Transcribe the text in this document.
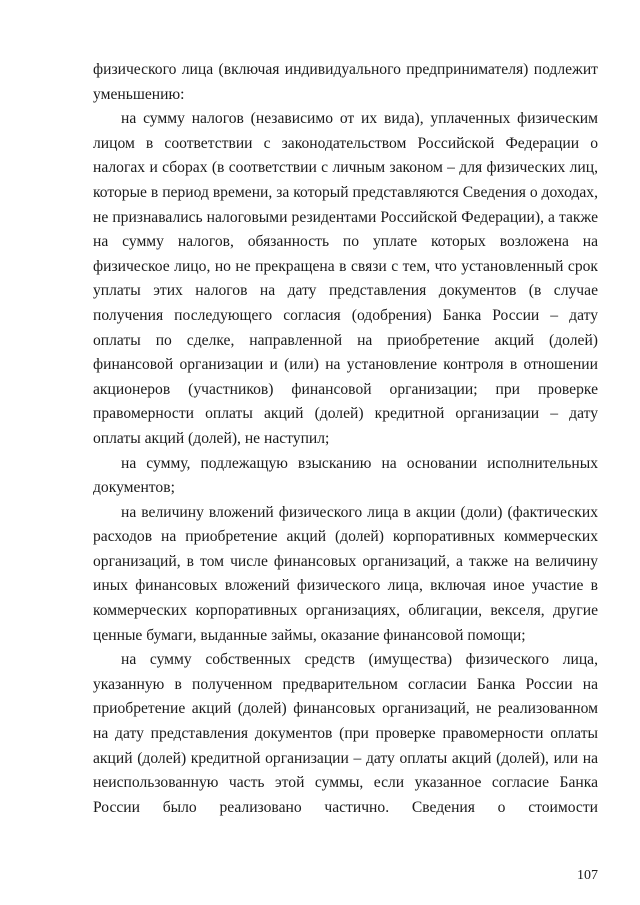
физического лица (включая индивидуального предпринимателя) подлежит уменьшению:

на сумму налогов (независимо от их вида), уплаченных физическим лицом в соответствии с законодательством Российской Федерации о налогах и сборах (в соответствии с личным законом – для физических лиц, которые в период времени, за который представляются Сведения о доходах, не признавались налоговыми резидентами Российской Федерации), а также на сумму налогов, обязанность по уплате которых возложена на физическое лицо, но не прекращена в связи с тем, что установленный срок уплаты этих налогов на дату представления документов (в случае получения последующего согласия (одобрения) Банка России – дату оплаты по сделке, направленной на приобретение акций (долей) финансовой организации и (или) на установление контроля в отношении акционеров (участников) финансовой организации; при проверке правомерности оплаты акций (долей) кредитной организации – дату оплаты акций (долей), не наступил;

на сумму, подлежащую взысканию на основании исполнительных документов;

на величину вложений физического лица в акции (доли) (фактических расходов на приобретение акций (долей) корпоративных коммерческих организаций, в том числе финансовых организаций, а также на величину иных финансовых вложений физического лица, включая иное участие в коммерческих корпоративных организациях, облигации, векселя, другие ценные бумаги, выданные займы, оказание финансовой помощи;

на сумму собственных средств (имущества) физического лица, указанную в полученном предварительном согласии Банка России на приобретение акций (долей) финансовых организаций, не реализованном на дату представления документов (при проверке правомерности оплаты акций (долей) кредитной организации – дату оплаты акций (долей), или на неиспользованную часть этой суммы, если указанное согласие Банка России было реализовано частично. Сведения о стоимости

107
